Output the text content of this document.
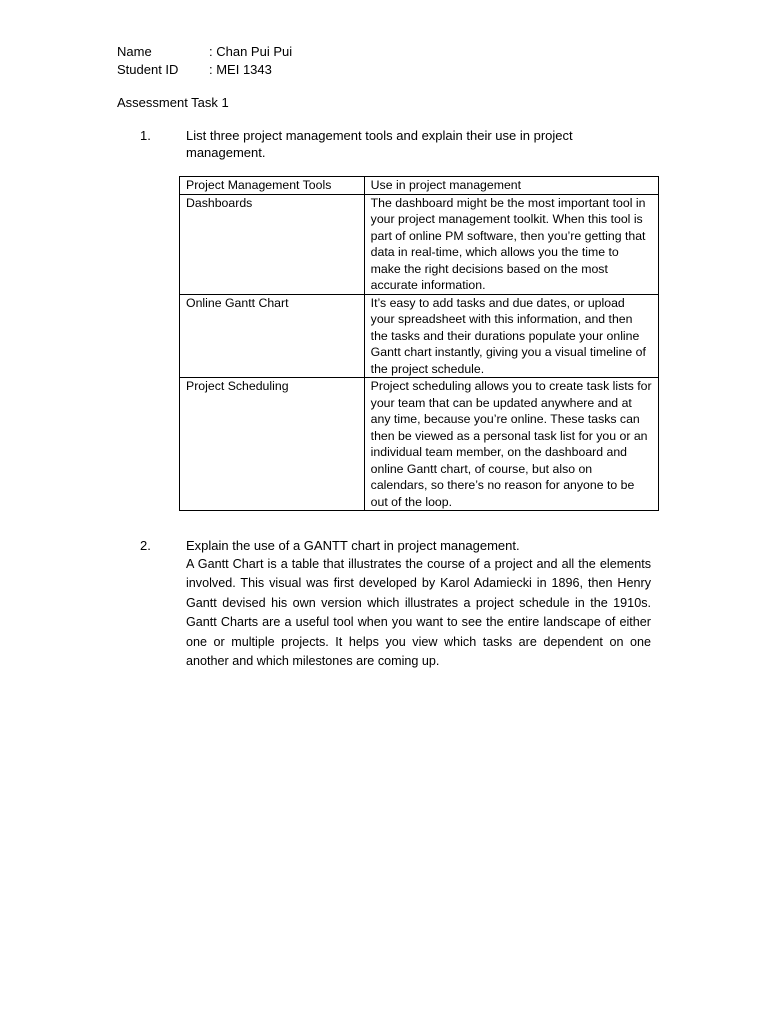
Name	: Chan Pui Pui
Student ID : MEI 1343
Assessment Task 1
1.	List three project management tools and explain their use in project management.
Project Management Tools	Use in project management
Dashboards	The dashboard might be the most important tool in your project management toolkit. When this tool is part of online PM software, then you’re getting that data in real-time, which allows you the time to make the right decisions based on the most accurate information.
Online Gantt Chart	It’s easy to add tasks and due dates, or upload your spreadsheet with this information, and then the tasks and their durations populate your online Gantt chart instantly, giving you a visual timeline of the project schedule.
Project Scheduling	Project scheduling allows you to create task lists for your team that can be updated anywhere and at any time, because you’re online. These tasks can then be viewed as a personal task list for you or an individual team member, on the dashboard and online Gantt chart, of course, but also on calendars, so there’s no reason for anyone to be out of the loop.
2.	Explain the use of a GANTT chart in project management.
A Gantt Chart is a table that illustrates the course of a project and all the elements involved. This visual was first developed by Karol Adamiecki in 1896, then Henry Gantt devised his own version which illustrates a project schedule in the 1910s. Gantt Charts are a useful tool when you want to see the entire landscape of either one or multiple projects. It helps you view which tasks are dependent on one another and which milestones are coming up.
